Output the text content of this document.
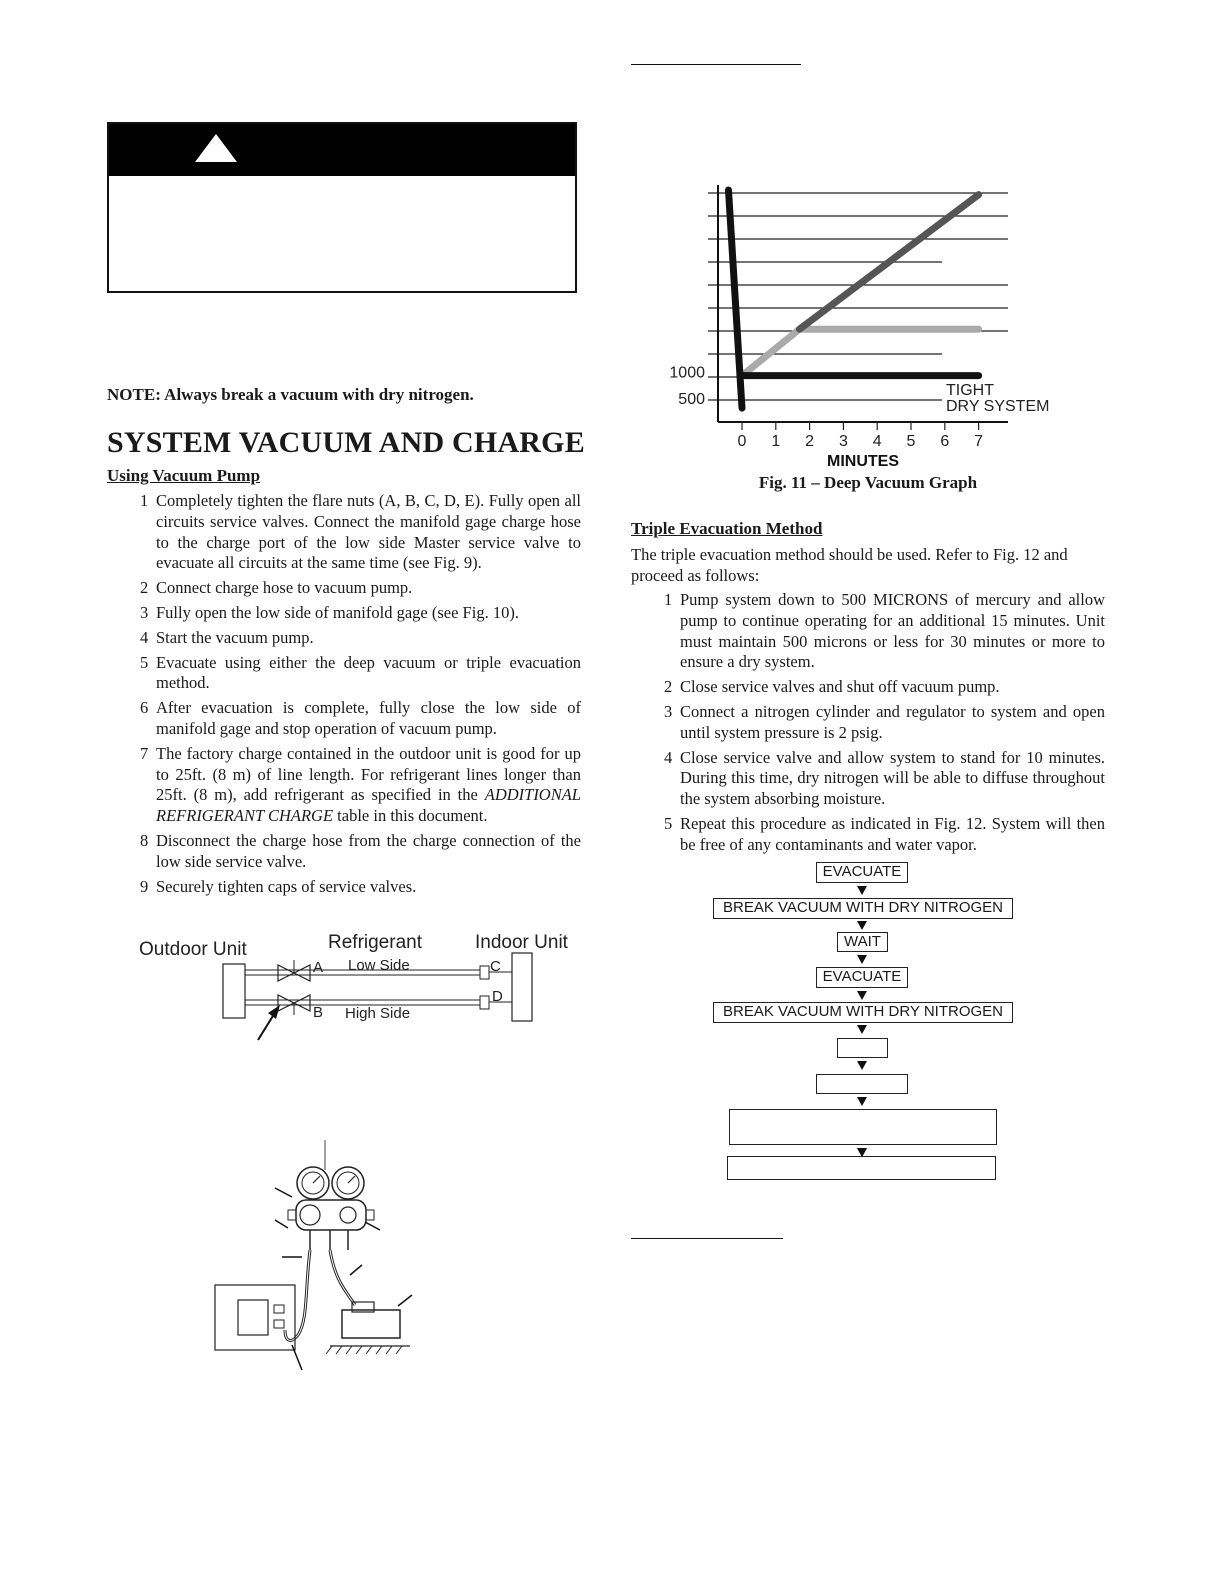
NOTE: Always break a vacuum with dry nitrogen.
SYSTEM VACUUM AND CHARGE
Using Vacuum Pump
1 Completely tighten the flare nuts (A, B, C, D, E). Fully open all circuits service valves. Connect the manifold gage charge hose to the charge port of the low side Master service valve to evacuate all circuits at the same time (see Fig. 9).
2 Connect charge hose to vacuum pump.
3 Fully open the low side of manifold gage (see Fig. 10).
4 Start the vacuum pump.
5 Evacuate using either the deep vacuum or triple evacuation method.
6 After evacuation is complete, fully close the low side of manifold gage and stop operation of vacuum pump.
7 The factory charge contained in the outdoor unit is good for up to 25ft. (8 m) of line length. For refrigerant lines longer than 25ft. (8 m), add refrigerant as specified in the ADDITIONAL REFRIGERANT CHARGE table in this document.
8 Disconnect the charge hose from the charge connection of the low side service valve.
9 Securely tighten caps of service valves.
Outdoor Unit	Refrigerant	Indoor Unit
A
B
Low Side
High Side
C
D
0 1 2 3 4 5 6 7
1000
500
TIGHT
DRY SYSTEM
MINUTES
Fig. 11 – Deep Vacuum Graph
Triple Evacuation Method
The triple evacuation method should be used. Refer to Fig. 12 and proceed as follows:
1 Pump system down to 500 MICRONS of mercury and allow pump to continue operating for an additional 15 minutes. Unit must maintain 500 microns or less for 30 minutes or more to ensure a dry system.
2 Close service valves and shut off vacuum pump.
3 Connect a nitrogen cylinder and regulator to system and open until system pressure is 2 psig.
4 Close service valve and allow system to stand for 10 minutes. During this time, dry nitrogen will be able to diffuse throughout the system absorbing moisture.
5 Repeat this procedure as indicated in Fig. 12. System will then be free of any contaminants and water vapor.
EVACUATE
BREAK VACUUM WITH DRY NITROGEN
WAIT
EVACUATE
BREAK VACUUM WITH DRY NITROGEN
